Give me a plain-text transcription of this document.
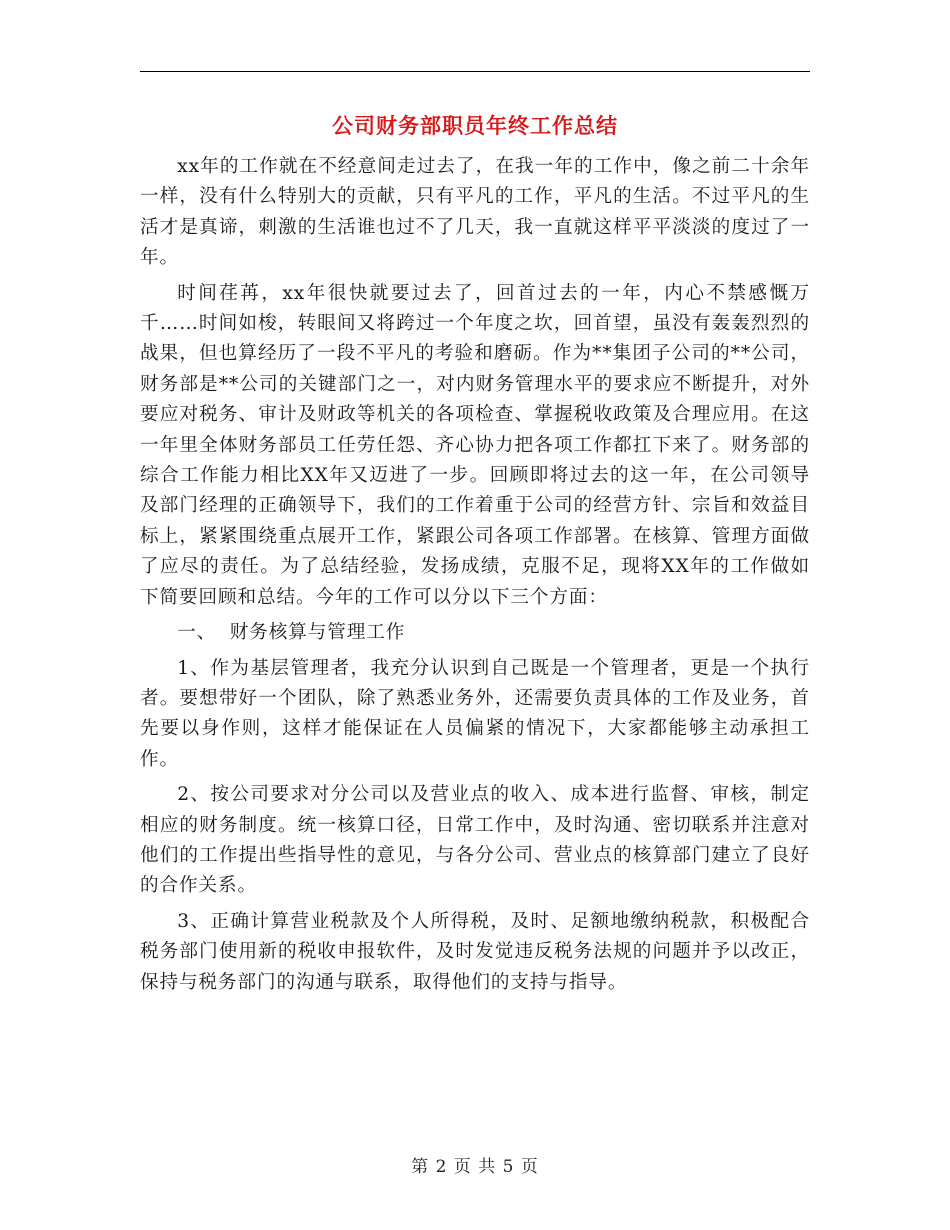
公司财务部职员年终工作总结

xx年的工作就在不经意间走过去了，在我一年的工作中，像之前二十余年一样，没有什么特别大的贡献，只有平凡的工作，平凡的生活。不过平凡的生活才是真谛，刺激的生活谁也过不了几天，我一直就这样平平淡淡的度过了一年。

时间荏苒，xx年很快就要过去了，回首过去的一年，内心不禁感慨万千……时间如梭，转眼间又将跨过一个年度之坎，回首望，虽没有轰轰烈烈的战果，但也算经历了一段不平凡的考验和磨砺。作为**集团子公司的**公司，财务部是**公司的关键部门之一，对内财务管理水平的要求应不断提升，对外要应对税务、审计及财政等机关的各项检查、掌握税收政策及合理应用。在这一年里全体财务部员工任劳任怨、齐心协力把各项工作都扛下来了。财务部的综合工作能力相比XX年又迈进了一步。回顾即将过去的这一年，在公司领导及部门经理的正确领导下，我们的工作着重于公司的经营方针、宗旨和效益目标上，紧紧围绕重点展开工作，紧跟公司各项工作部署。在核算、管理方面做了应尽的责任。为了总结经验，发扬成绩，克服不足，现将XX年的工作做如下简要回顾和总结。今年的工作可以分以下三个方面：

一、  财务核算与管理工作

1、作为基层管理者，我充分认识到自己既是一个管理者，更是一个执行者。要想带好一个团队，除了熟悉业务外，还需要负责具体的工作及业务，首先要以身作则，这样才能保证在人员偏紧的情况下，大家都能够主动承担工作。

2、按公司要求对分公司以及营业点的收入、成本进行监督、审核，制定相应的财务制度。统一核算口径，日常工作中，及时沟通、密切联系并注意对他们的工作提出些指导性的意见，与各分公司、营业点的核算部门建立了良好的合作关系。

3、正确计算营业税款及个人所得税，及时、足额地缴纳税款，积极配合税务部门使用新的税收申报软件，及时发觉违反税务法规的问题并予以改正，保持与税务部门的沟通与联系，取得他们的支持与指导。

第 2 页 共 5 页
